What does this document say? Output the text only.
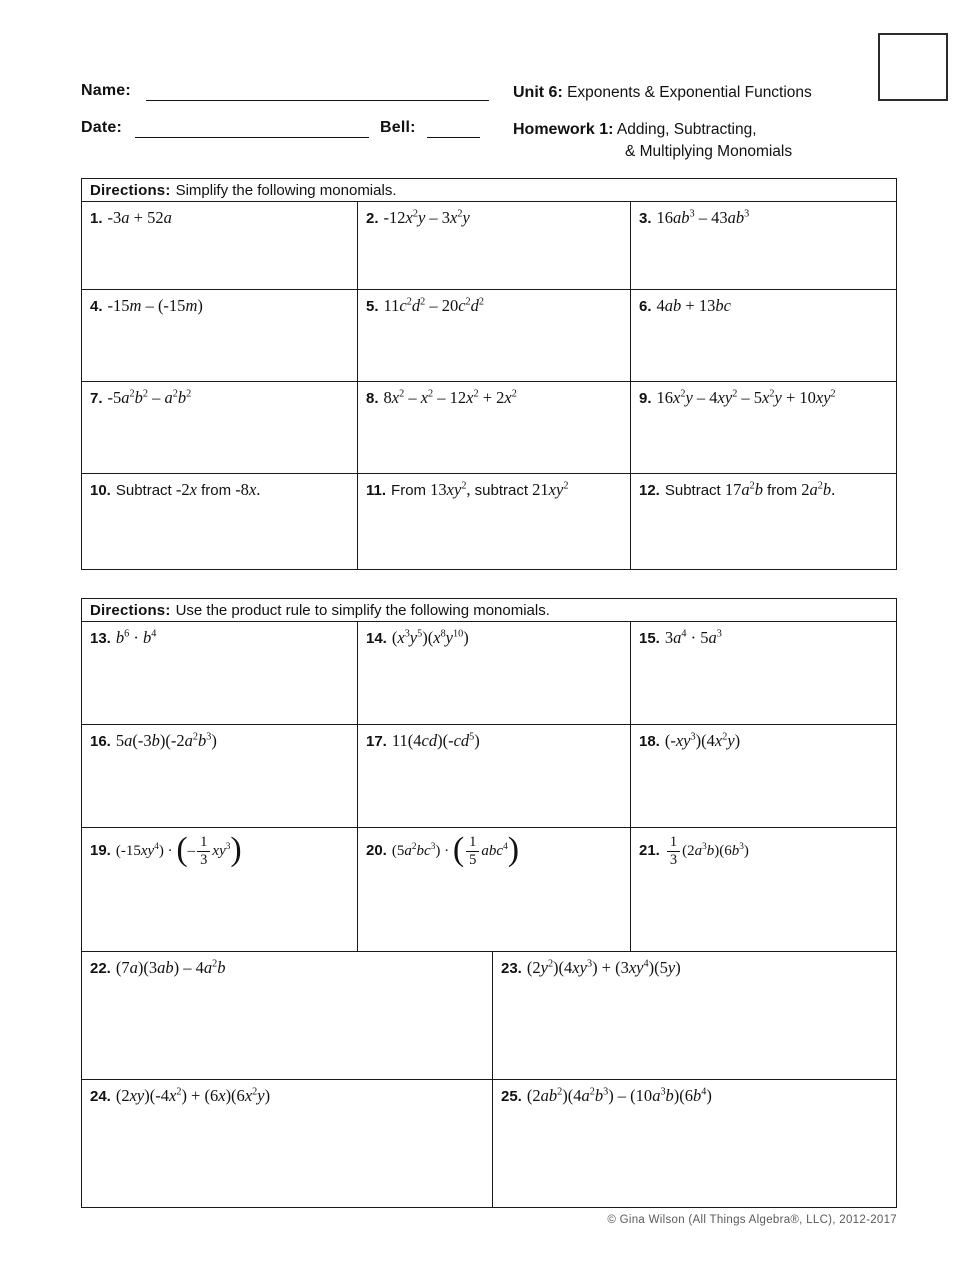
Name:	Unit 6: Exponents & Exponential Functions
Date:	Bell:	Homework 1: Adding, Subtracting,
& Multiplying Monomials
Directions: Simplify the following monomials.
1. -3a + 52a	2. $-12x^2y - 3x^2y$	3. $16ab^3 - 43ab^3$
4. -15m – (-15m)	5. $11c^2d^2 - 20c^2d^2$	6. 4ab + 13bc
7. $-5a^2b^2 - a^2b^2$	8. $8x^2 - x^2 - 12x^2 + 2x^2$	9. $16x^2y - 4xy^2 - 5x^2y + 10xy^2$
10. Subtract -2x from -8x.	11. From $13xy^2$, subtract $21xy^2$	12. Subtract $17a^2b$ from $2a^2b$.
Directions: Use the product rule to simplify the following monomials.
13. $b^6 \cdot b^4$	14. $(x^3y^5)(x^8y^{10})$	15. $3a^4 \cdot 5a^3$
16. $5a(-3b)(-2a^2b^3)$	17. $11(4cd)(-cd^5)$	18. $(-xy^3)(4x^2y)$
19. $(-15xy^4)$ · (– $\frac{1}{3} xy^3$)	20. $(5a^2bc^3)$ · ( $\frac{1}{5} abc^4$)	21. $\frac{1}{3} (2a^3b)(6b^3)$
22. $(7a)(3ab) - 4a^2b$	23. $(2y^2)(4xy^3) + (3xy^4)(5y)$
24. $(2xy)(-4x^2) + (6x)(6x^2y)$	25. $(2ab^2)(4a^2b^3) - (10a^3b)(6b^4)$
© Gina Wilson (All Things Algebra®, LLC), 2012-2017
